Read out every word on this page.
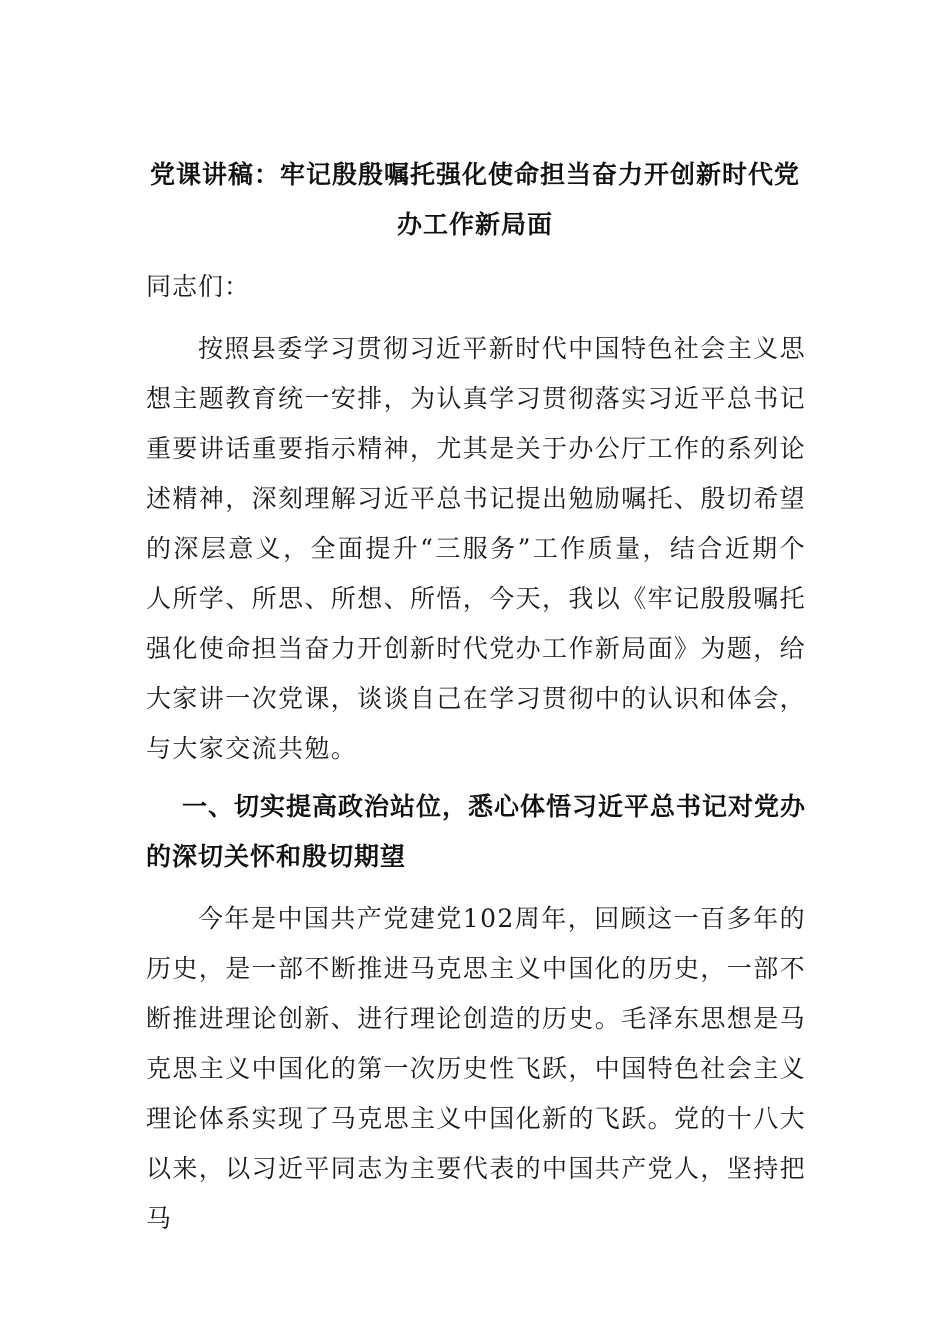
党课讲稿：牢记殷殷嘱托强化使命担当奋力开创新时代党办工作新局面
同志们：

按照县委学习贯彻习近平新时代中国特色社会主义思想主题教育统一安排，为认真学习贯彻落实习近平总书记重要讲话重要指示精神，尤其是关于办公厅工作的系列论述精神，深刻理解习近平总书记提出勉励嘱托、殷切希望的深层意义，全面提升“三服务”工作质量，结合近期个人所学、所思、所想、所悟，今天，我以《牢记殷殷嘱托强化使命担当奋力开创新时代党办工作新局面》为题，给大家讲一次党课，谈谈自己在学习贯彻中的认识和体会，与大家交流共勉。

一、切实提高政治站位，悉心体悟习近平总书记对党办的深切关怀和殷切期望

今年是中国共产党建党102周年，回顾这一百多年的历史，是一部不断推进马克思主义中国化的历史，一部不断推进理论创新、进行理论创造的历史。毛泽东思想是马克思主义中国化的第一次历史性飞跃，中国特色社会主义理论体系实现了马克思主义中国化新的飞跃。党的十八大以来，以习近平同志为主要代表的中国共产党人，坚持把马
